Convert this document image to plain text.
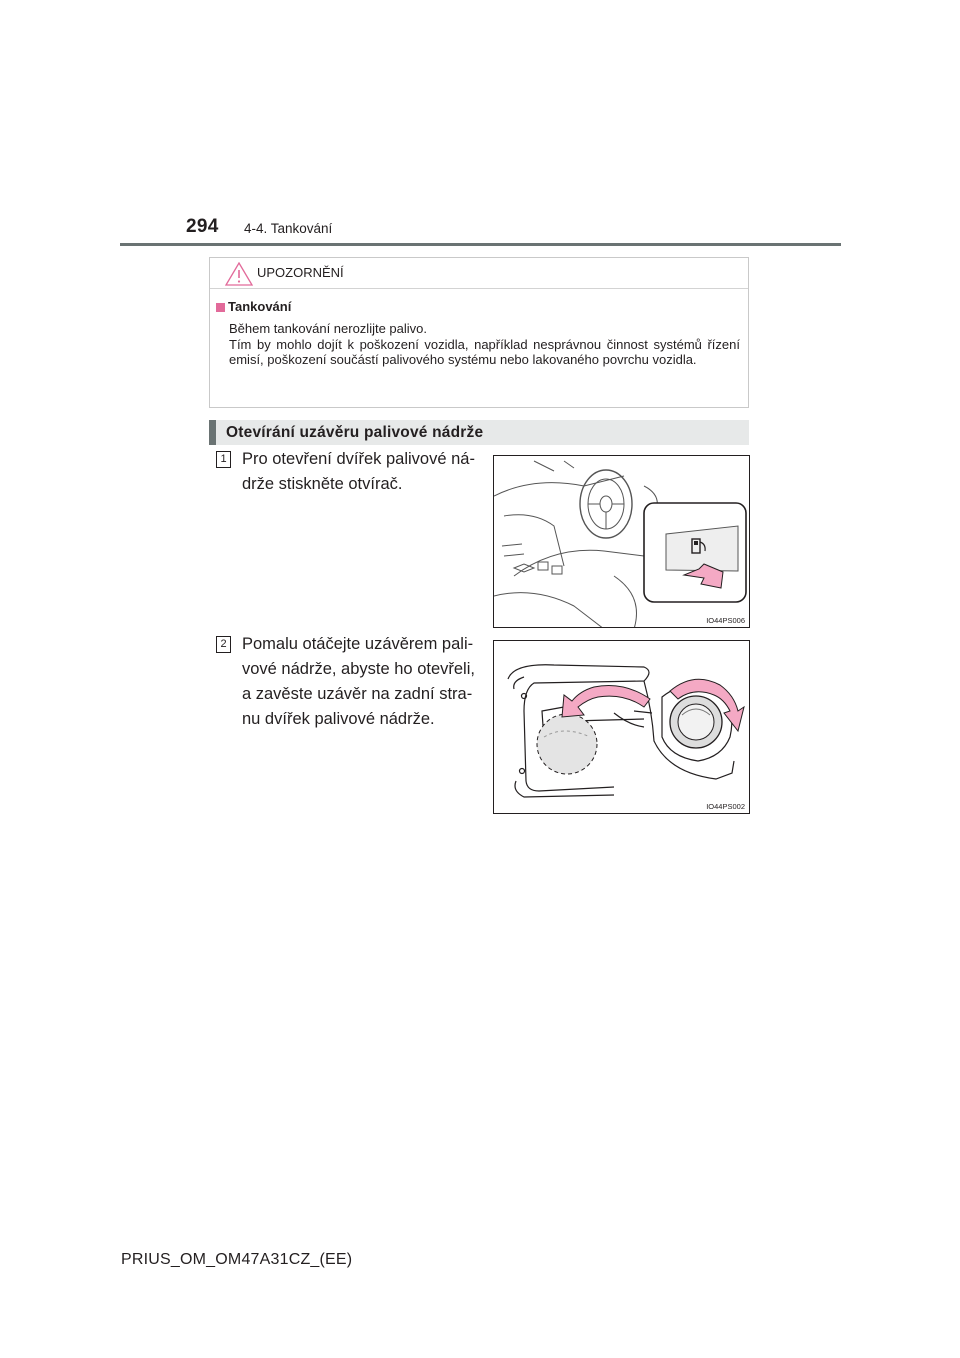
294 4-4. Tankování
UPOZORNĚNÍ
Tankování

Během tankování nerozlijte palivo.

Tím by mohlo dojít k poškození vozidla, například nesprávnou činnost systémů řízení emisí, poškození součástí palivového systému nebo lakovaného povrchu vozidla.

Otevírání uzávěru palivové nádrže
1 Pro otevření dvířek palivové ná-
drže stiskněte otvírač.
IO44PS006
2 Pomalu otáčejte uzávěrem pali-
vové nádrže, abyste ho otevřeli,
a zavěste uzávěr na zadní stra-
nu dvířek palivové nádrže.
IO44PS002
PRIUS_OM_OM47A31CZ_(EE)
